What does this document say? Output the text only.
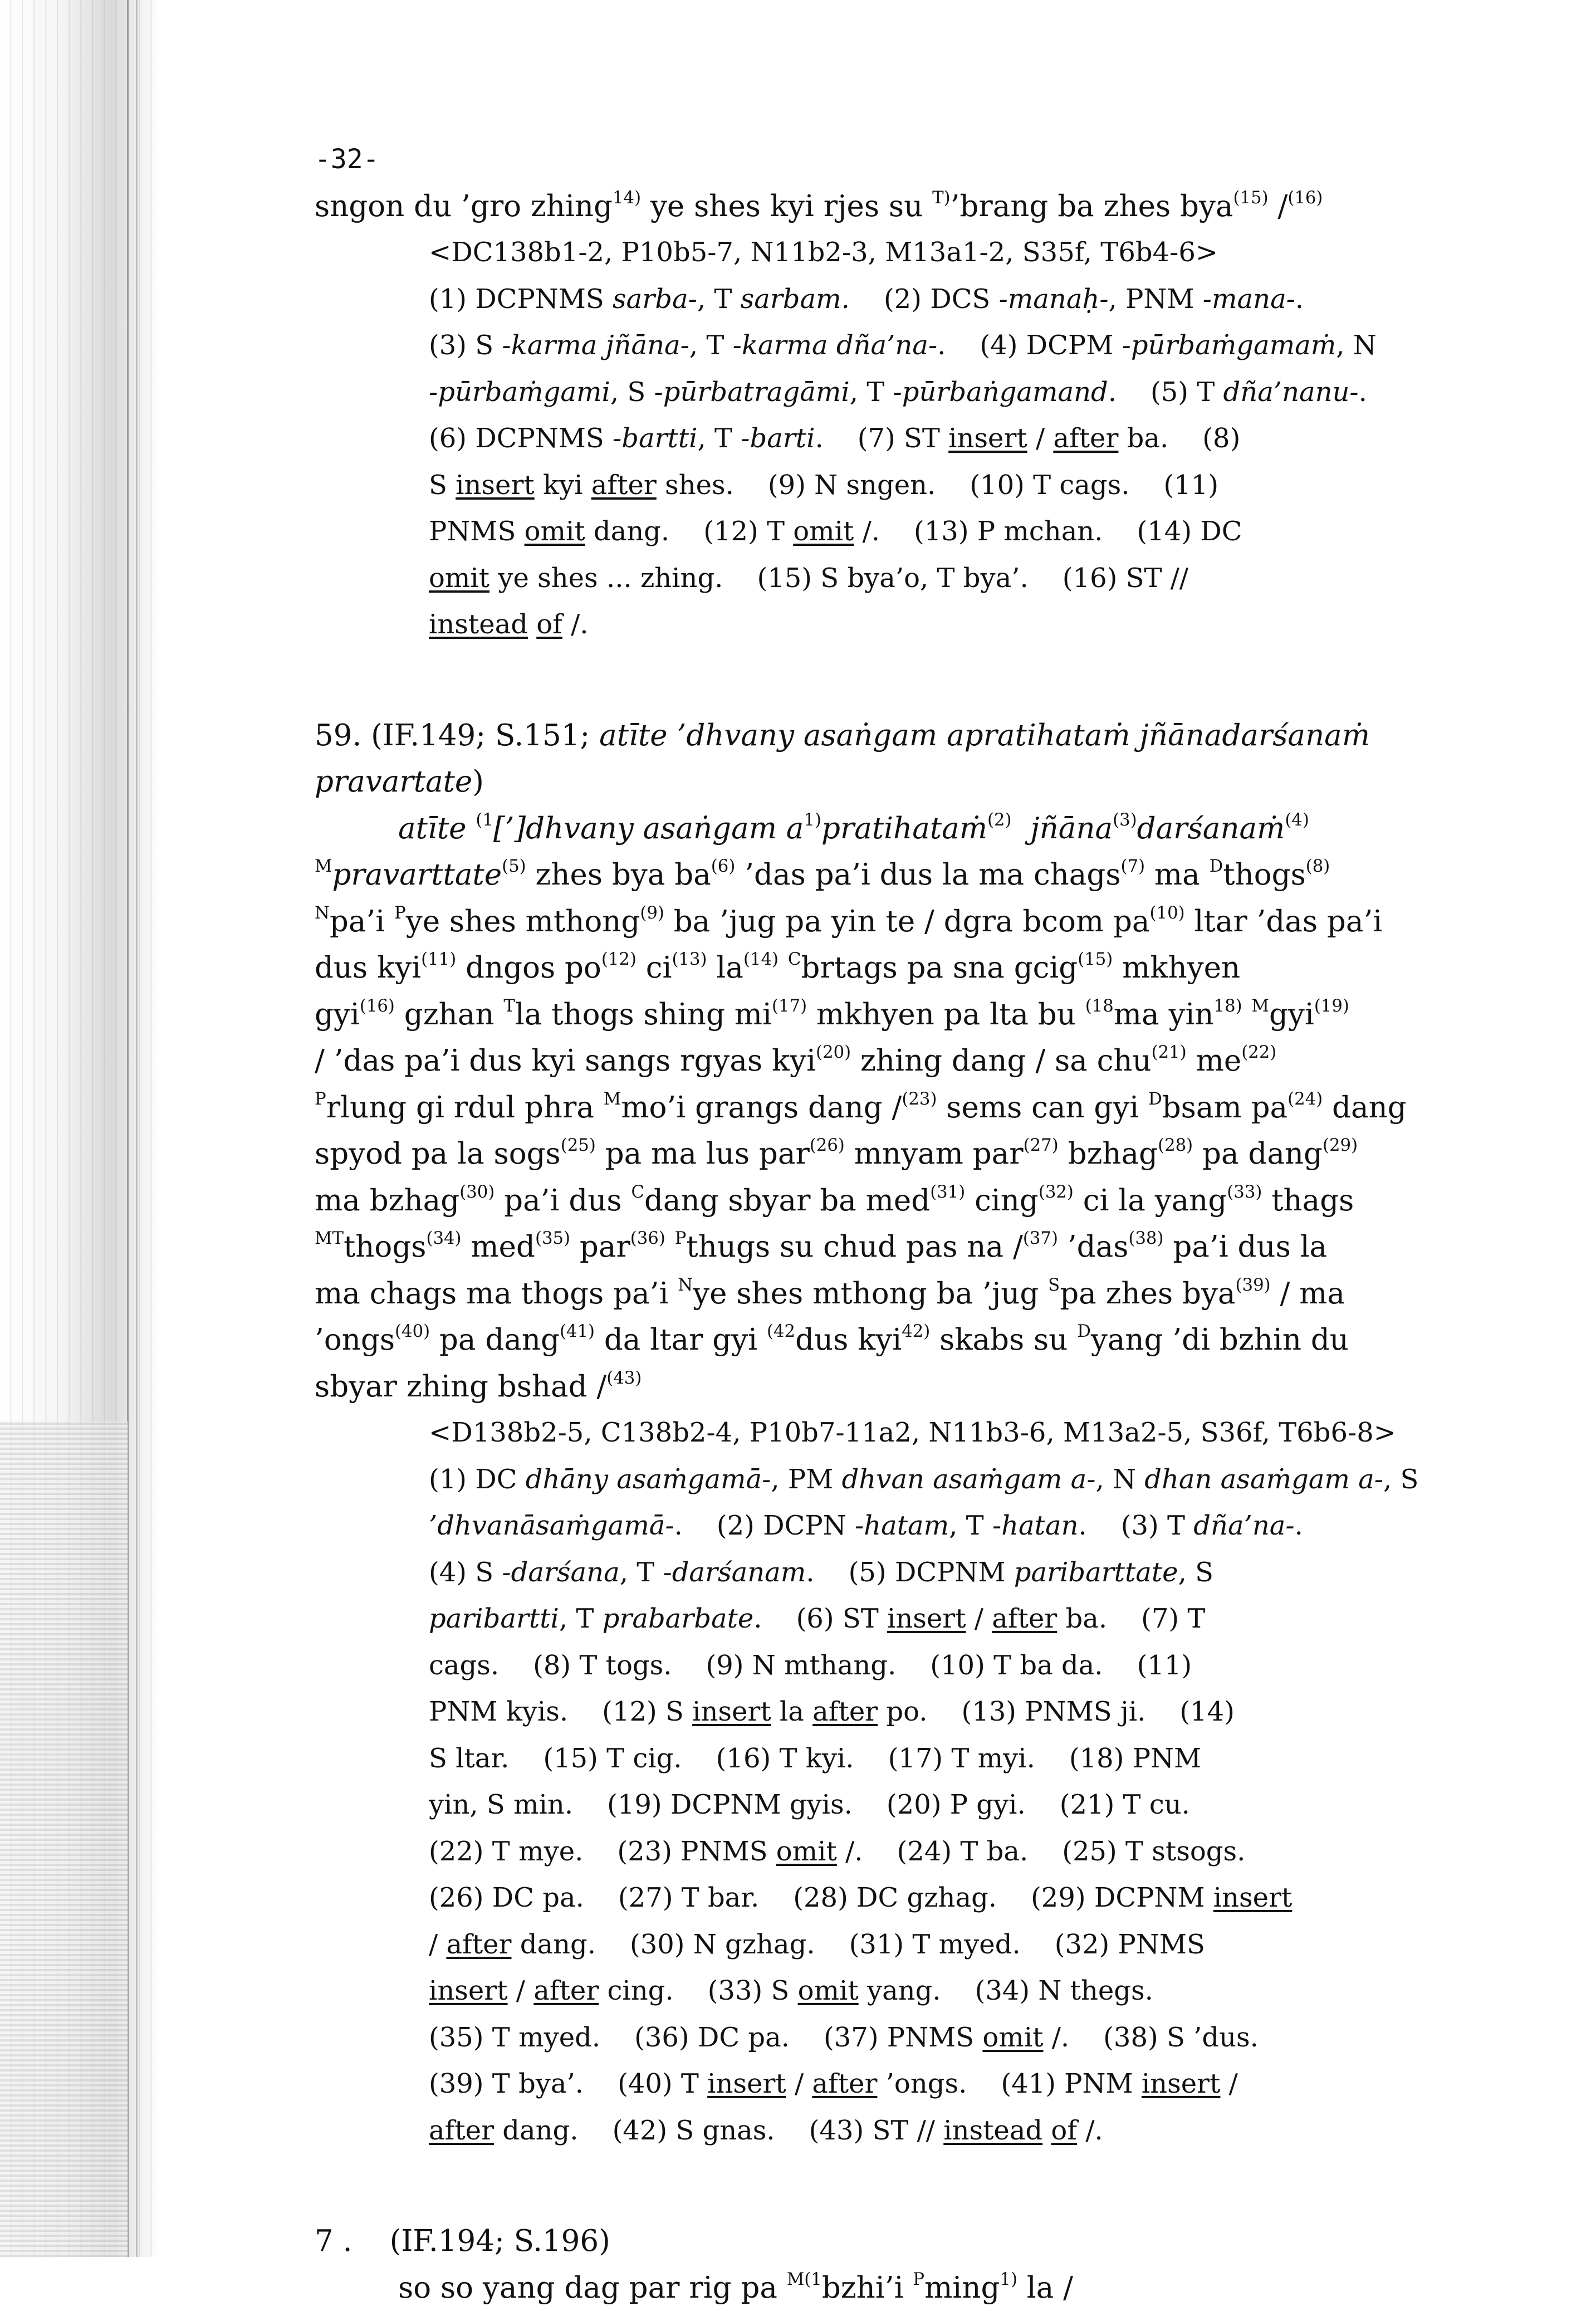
-32-
sngon du ’gro zhing$^{14)}$ ye shes kyi rjes su $^{T)}$’brang ba zhes bya$^{(15)}$ /$^{(16)}$
<DC138b1-2, P10b5-7, N11b2-3, M13a1-2, S35f, T6b4-6>
(1) DCPNMS sarba-, T sarbam.    (2) DCS -manaḥ-, PNM -mana-.
(3) S -karma jñāna-, T -karma dña’na-.    (4) DCPM -pūrbaṁgamaṁ, N
-pūrbaṁgami, S -pūrbatragāmi, T -pūrbaṅgamand.    (5) T dña’nanu-.
(6) DCPNMS -bartti, T -barti.    (7) ST insert / after ba.    (8)
S insert kyi after shes.    (9) N sngen.    (10) T cags.    (11)
PNMS omit dang.    (12) T omit /.    (13) P mchan.    (14) DC
omit ye shes ... zhing.    (15) S bya’o, T bya’.    (16) ST //
instead of /.
59. (IF.149; S.151; atīte ’dhvany asaṅgam apratihataṁ jñānadarśanaṁ
pravartate)
atīte $^{(1}$[’]dhvany asaṅgam $a^{1)}pratihataṁ^{(2)}$ jñāna$^{(3)}$darśanaṁ$^{(4)}$
$^M$pravarttate$^{(5)}$ zhes bya $ba^{(6)}$ ’das pa’i dus la ma chags$^{(7)}$ ma $^D$thogs$^{(8)}$
$^N$pa’i $^P$ye shes mthong$^{(9)}$ ba ’jug pa yin te / dgra bcom $pa^{(10)}$ ltar ’das pa’i
dus kyi$^{(11)}$ dngos $po^{(12)}$ $ci^{(13)}$ $la^{(14)}$ $^C$brtags pa sna gcig$^{(15)}$ mkhyen
gyi$^{(16)}$ gzhan $^T$la thogs shing $mi^{(17)}$ mkhyen pa lta bu $^{(18}$ma yin$^{18)}$ $^M$gyi$^{(19)}$
/ ’das pa’i dus kyi sangs rgyas kyi$^{(20)}$ zhing dang / sa chu$^{(21)}$ $me^{(22)}$
$^P$rlung gi rdul phra $^M$mo’i grangs dang /$^{(23)}$ sems can gyi $^D$bsam $pa^{(24)}$ dang
spyod pa la sogs$^{(25)}$ pa ma lus par$^{(26)}$ mnyam par$^{(27)}$ bzhag$^{(28)}$ pa dang$^{(29)}$
ma bzhag$^{(30)}$ pa’i dus $^C$dang sbyar ba med$^{(31)}$ cing$^{(32)}$ ci la yang$^{(33)}$ thags
$^{MT}$thogs$^{(34)}$ med$^{(35)}$ par$^{(36)}$ $^P$thugs su chud pas na /$^{(37)}$ ’das$^{(38)}$ pa’i dus la
ma chags ma thogs pa’i $^N$ye shes mthong ba ’jug $^S$pa zhes bya$^{(39)}$ / ma
’ongs$^{(40)}$ pa dang$^{(41)}$ da ltar gyi $^{(42}$dus kyi$^{42)}$ skabs su $^D$yang ’di bzhin du
sbyar zhing bshad /$^{(43)}$
<D138b2-5, C138b2-4, P10b7-11a2, N11b3-6, M13a2-5, S36f, T6b6-8>
(1) DC dhāny asaṁgamā-, PM dhvan asaṁgam a-, N dhan asaṁgam a-, S
’dhvanāsaṁgamā-.    (2) DCPN -hatam, T -hatan.    (3) T dña’na-.
(4) S -darśana, T -darśanam.    (5) DCPNM paribarttate, S
paribartti, T prabarbate.    (6) ST insert / after ba.    (7) T
cags.    (8) T togs.    (9) N mthang.    (10) T ba da.    (11)
PNM kyis.    (12) S insert la after po.    (13) PNMS ji.    (14)
S ltar.    (15) T cig.    (16) T kyi.    (17) T myi.    (18) PNM
yin, S min.    (19) DCPNM gyis.    (20) P gyi.    (21) T cu.
(22) T mye.    (23) PNMS omit /.    (24) T ba.    (25) T stsogs.
(26) DC pa.    (27) T bar.    (28) DC gzhag.    (29) DCPNM insert
/ after dang.    (30) N gzhag.    (31) T myed.    (32) PNMS
insert / after cing.    (33) S omit yang.    (34) N thegs.
(35) T myed.    (36) DC pa.    (37) PNMS omit /.    (38) S ’dus.
(39) T bya’.    (40) T insert / after ’ongs.    (41) PNM insert /
after dang.    (42) S gnas.    (43) ST // instead of /.
7 .    (IF.194; S.196)
so so yang dag par rig pa $^{M(1}$bzhi’i $^P$ming$^{1)}$ la /
